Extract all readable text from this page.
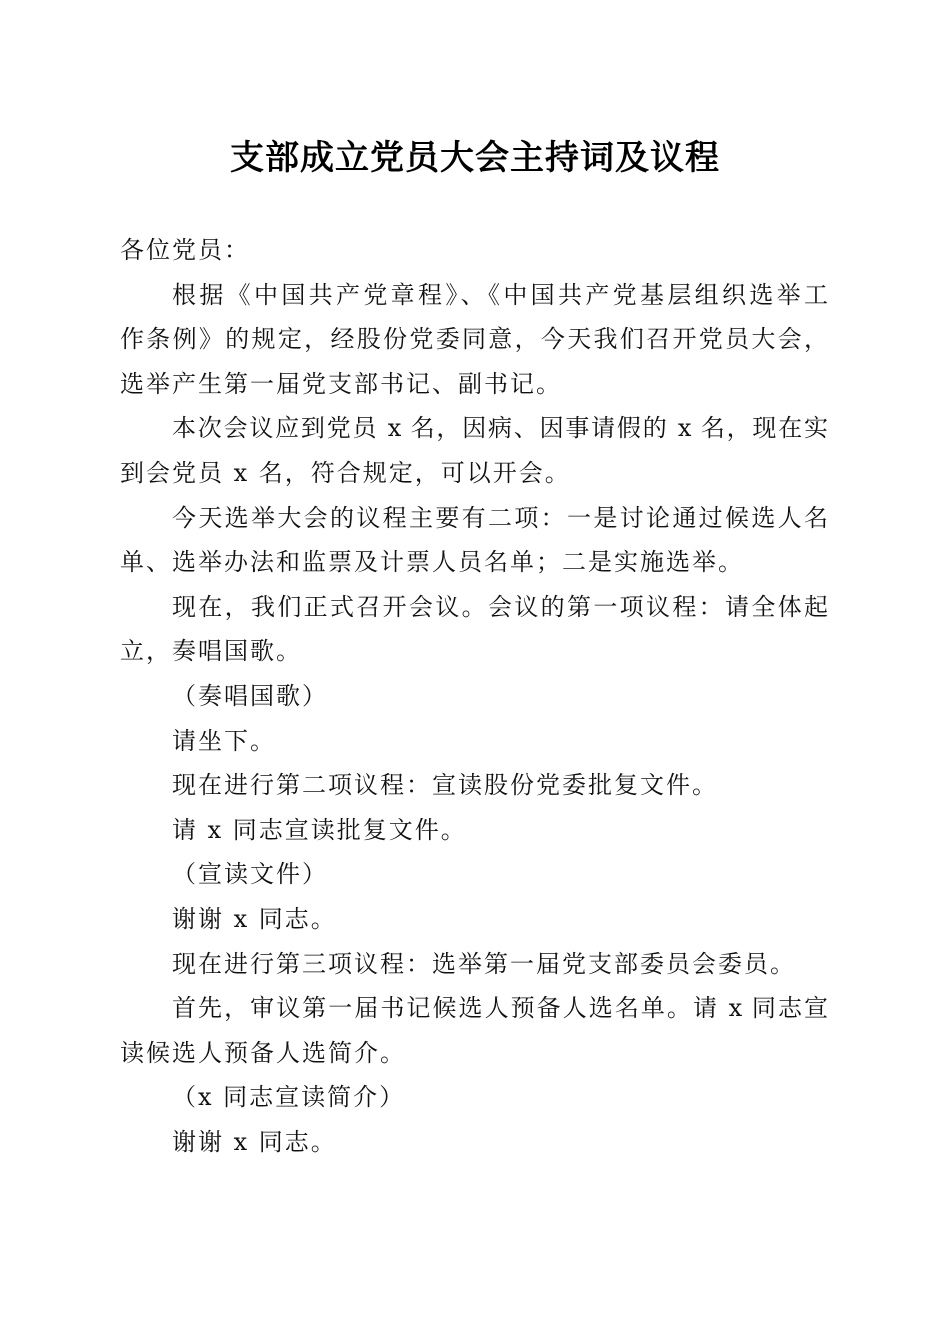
支部成立党员大会主持词及议程
各位党员：
根据《中国共产党章程》、《中国共产党基层组织选举工
作条例》的规定，经股份党委同意，今天我们召开党员大会，
选举产生第一届党支部书记、副书记。
本次会议应到党员 x 名，因病、因事请假的 x 名，现在实
到会党员 x 名，符合规定，可以开会。
今天选举大会的议程主要有二项：一是讨论通过候选人名
单、选举办法和监票及计票人员名单；二是实施选举。
现在，我们正式召开会议。会议的第一项议程：请全体起
立，奏唱国歌。
（奏唱国歌）
请坐下。
现在进行第二项议程：宣读股份党委批复文件。
请 x 同志宣读批复文件。
（宣读文件）
谢谢 x 同志。
现在进行第三项议程：选举第一届党支部委员会委员。
首先，审议第一届书记候选人预备人选名单。请 x 同志宣
读候选人预备人选简介。
（x 同志宣读简介）
谢谢 x 同志。
